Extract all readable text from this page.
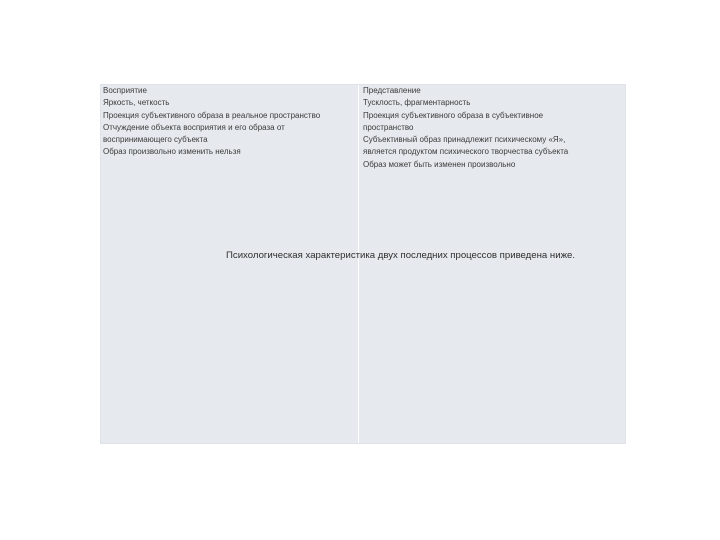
Восприятие
Яркость, четкость
Проекция субъективного образа в реальное пространство
Отчуждение объекта восприятия и его образа от
воспринимающего субъекта
Образ произвольно изменить нельзя
Представление
Тусклость, фрагментарность
Проекция субъективного образа в субъективное
пространство
Субъективный образ принадлежит психическому «Я»,
является продуктом психического творчества субъекта
Образ может быть изменен произвольно
Психологическая характеристика двух последних процессов приведена ниже.
